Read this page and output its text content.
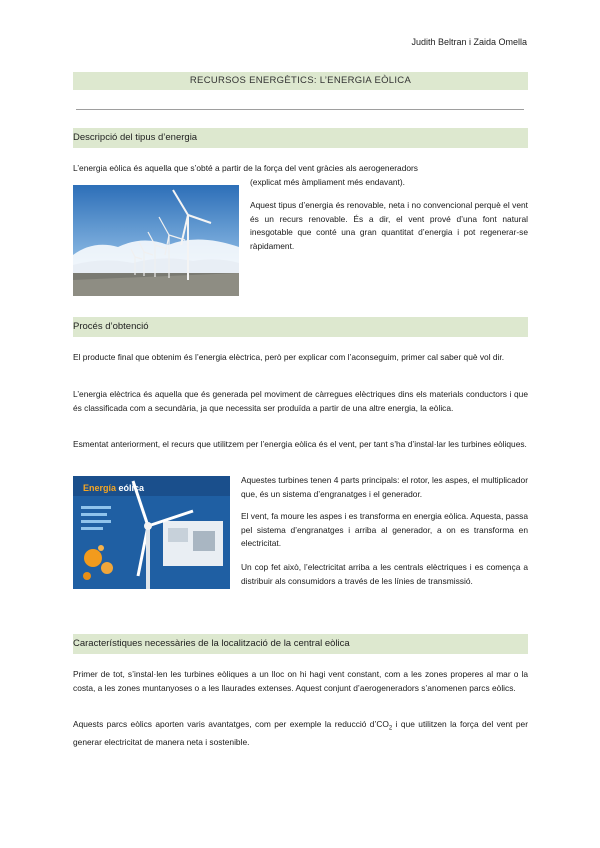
Judith Beltran i Zaida Omella
RECURSOS ENERGÈTICS: L’ENERGIA EÒLICA
Descripció del tipus d’energia

L’energia eòlica és aquella que s’obté a partir de la força del vent gràcies als aerogeneradors

(explicat més àmpliament més endavant).

Aquest tipus d’energia és renovable, neta i no convencional perquè el vent és un recurs renovable. És a dir, el vent prové d’una font natural inesgotable que conté una gran quantitat d’energia i pot regenerar-se ràpidament.

Procés d’obtenció

El producte final que obtenim és l’energia elèctrica, però per explicar com l’aconseguim, primer cal saber què vol dir.

L’energia elèctrica és aquella que és generada pel moviment de càrregues elèctriques dins els materials conductors i que és classificada com a secundària, ja que necessita ser produïda a partir de una altre energia, la eòlica.

Esmentat anteriorment, el recurs que utilitzem per l’energia eòlica és el vent, per tant s’ha d’instal·lar les turbines eòliques.

Energía eólica

Aquestes turbines tenen 4 parts principals: el rotor, les aspes, el multiplicador que, és un sistema d’engranatges i el generador.

El vent, fa moure les aspes i es transforma en energia eòlica. Aquesta, passa pel sistema d’engranatges i arriba al generador, a on es transforma en electricitat.

Un cop fet això, l’electricitat arriba a les centrals elèctriques i es comença a distribuir als consumidors a través de les línies de transmissió.

Característiques necessàries de la localització de la central eòlica

Primer de tot, s’instal·len les turbines eòliques a un lloc on hi hagi vent constant, com a les zones properes al mar o la costa, a les zones muntanyoses o a les llaurades extenses. Aquest conjunt d’aerogeneradors s’anomenen parcs eòlics.

Aquests parcs eòlics aporten varis avantatges, com per exemple la reducció $d’CO_2$ i que utilitzen la força del vent per generar electricitat de manera neta i sostenible.
